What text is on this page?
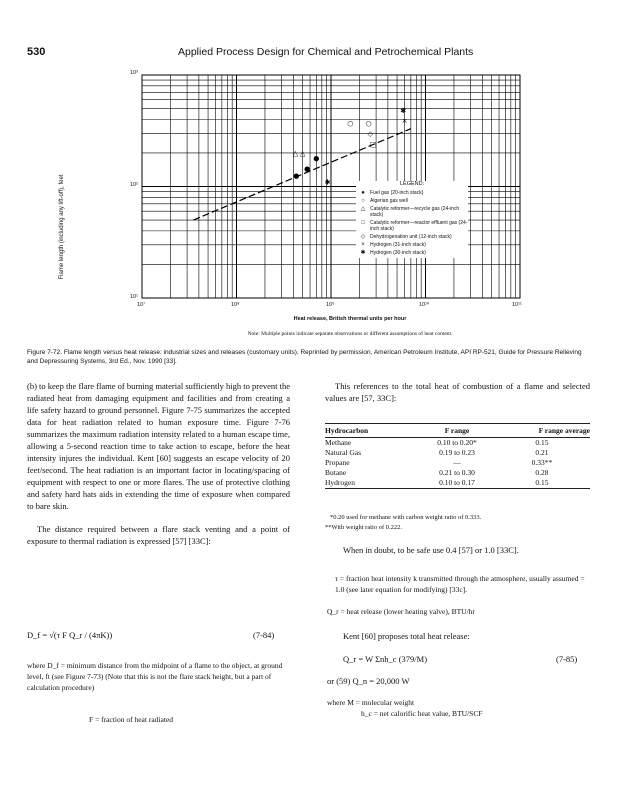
530	Applied Process Design for Chemical and Petrochemical Plants
●
●
●
○ ○
△ △
□
◇
×
✱
✱
10³
10²
10¹
10⁷	10⁸	10⁹	10¹⁰	10¹¹
Flame length (including any lift-off), feet
Heat release, British thermal units per hour
Note: Multiple points indicate separate observations or different assumptions of heat content.
LEGEND:
●	Fuel gas (20-inch stack)
○	Algerian gas well
△ Catalytic reformer—recycle gas (24-inch stack)
□	Catalytic reformer—reactor effluent gas (24-inch stack)
◇ Dehydrogenation unit (12-inch stack)
×	Hydrogen (31-inch stack)
✱ Hydrogen (30-inch stack)
Figure 7-72. Flame length versus heat release: industrial sizes and releases (customary units). Reprinted by permission, American Petroleum Institute, API RP-521, Guide for Pressure Relieving and Depressuring Systems, 3rd Ed., Nov. 1990 [33].

(b) to keep the flare flame of burning material sufficiently high to prevent the radiated heat from damaging equipment and facilities and from creating a life safety hazard to ground personnel. Figure 7-75 summarizes the accepted data for heat radiation related to human exposure time. Figure 7-76 summarizes the maximum radiation intensity related to a human escape time, allowing a 5-second reaction time to take action to escape, before the heat intensity injures the individual. Kent [60] suggests an escape velocity of 20 feet/second. The heat radiation is an important factor in locating/spacing of equipment with respect to one or more flares. The use of protective clothing and safety hard hats aids in extending the time of exposure when compared to bare skin.

The distance required between a flare stack venting and a point of exposure to thermal radiation is expressed [57] [33C]:

D_f = √(τ F Q_r / (4πK))	(7-84)
where D_f = minimum distance from the midpoint of a flame to the object, at ground level, ft (see Figure 7-73) (Note that this is not the flare stack height, but a part of calculation procedure)
F = fraction of heat radiated
This references to the total heat of combustion of a flame and selected values are [57, 33C]:
Hydrocarbon	F range	F range average
Methane	0.10 to 0.20*	0.15
Natural Gas	0.19 to 0.23	0.21
Propane	—	0.33**
Butane	0.21 to 0.30	0.28
Hydrogen	0.10 to 0.17	0.15
*0.20 used for methane with carbon weight ratio of 0.333.
**With weight ratio of 0.222.
When in doubt, to be safe use 0.4 [57] or 1.0 [33C].
τ = fraction heat intensity k transmitted through the atmosphere, usually assumed = 1.0 (see later equation for modifying) [33c].
Q_r = heat release (lower heating valve), BTU/hr
Kent [60] proposes total heat release:
Q_r = W Σnh_c (379/M)	(7-85)
or (59) Q_n = 20,000 W
where M = molecular weight
h_c = net calorific heat value, BTU/SCF
